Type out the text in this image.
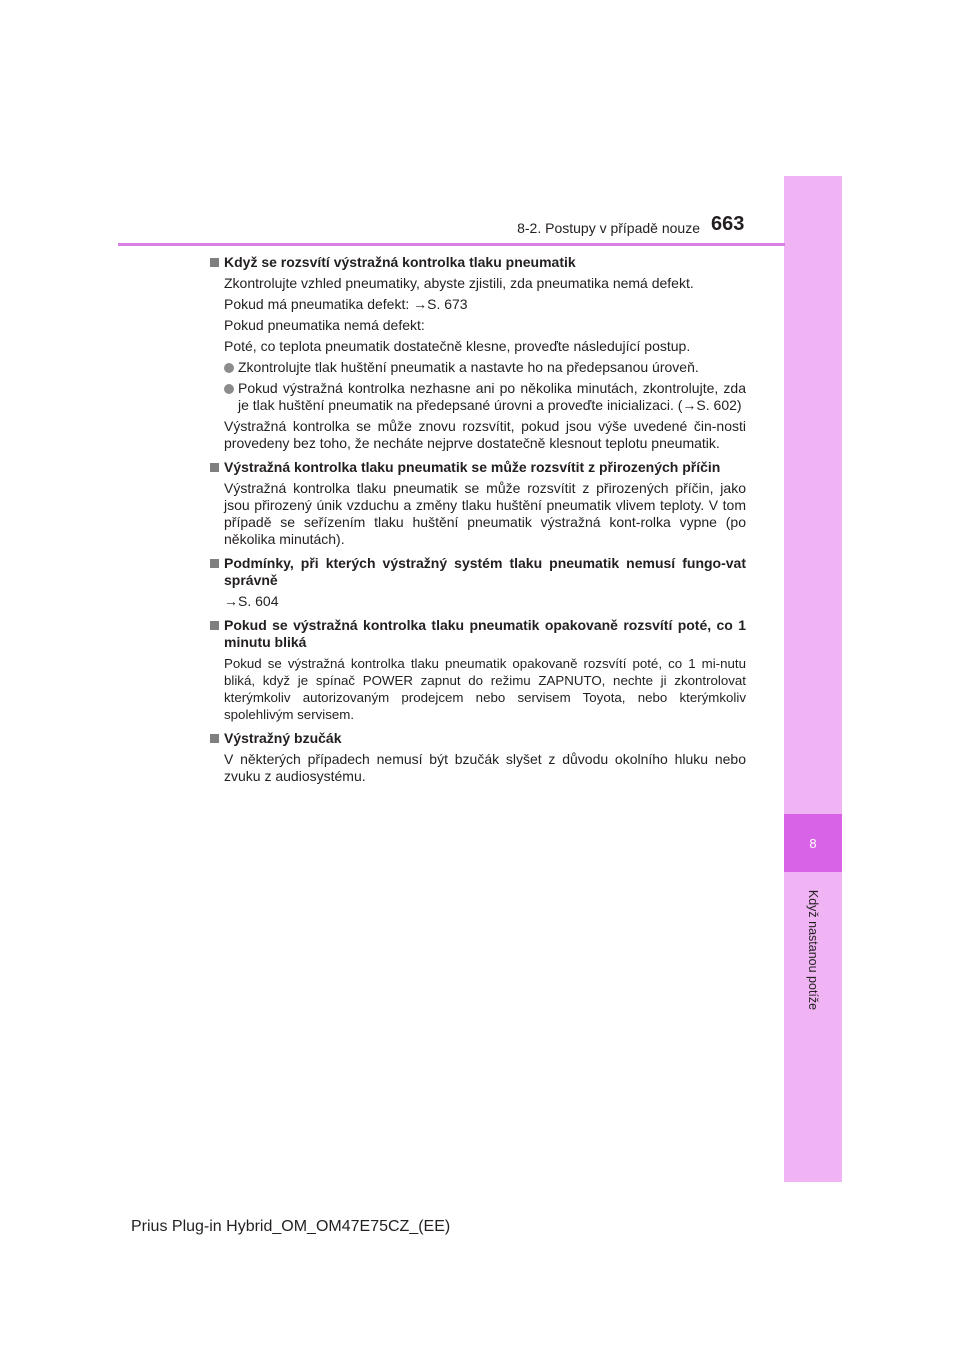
8
Když nastanou potíže
8-2. Postupy v případě nouze 663
Když se rozsvítí výstražná kontrolka tlaku pneumatik
Zkontrolujte vzhled pneumatiky, abyste zjistili, zda pneumatika nemá defekt.
Pokud má pneumatika defekt: →S. 673
Pokud pneumatika nemá defekt:
Poté, co teplota pneumatik dostatečně klesne, proveďte následující postup.
Zkontrolujte tlak huštění pneumatik a nastavte ho na předepsanou úroveň.
Pokud výstražná kontrolka nezhasne ani po několika minutách, zkontrolujte, zda je tlak huštění pneumatik na předepsané úrovni a proveďte inicializaci. (→S. 602)
Výstražná kontrolka se může znovu rozsvítit, pokud jsou výše uvedené čin-nosti provedeny bez toho, že necháte nejprve dostatečně klesnout teplotu pneumatik.
Výstražná kontrolka tlaku pneumatik se může rozsvítit z přirozených příčin
Výstražná kontrolka tlaku pneumatik se může rozsvítit z přirozených příčin, jako jsou přirozený únik vzduchu a změny tlaku huštění pneumatik vlivem teploty. V tom případě se seřízením tlaku huštění pneumatik výstražná kont-rolka vypne (po několika minutách).
Podmínky, při kterých výstražný systém tlaku pneumatik nemusí fungo-vat správně
→S. 604
Pokud se výstražná kontrolka tlaku pneumatik opakovaně rozsvítí poté, co 1 minutu bliká
Pokud se výstražná kontrolka tlaku pneumatik opakovaně rozsvítí poté, co 1 mi-nutu bliká, když je spínač POWER zapnut do režimu ZAPNUTO, nechte ji zkontrolovat kterýmkoliv autorizovaným prodejcem nebo servisem Toyota, nebo kterýmkoliv spolehlivým servisem.
Výstražný bzučák
V některých případech nemusí být bzučák slyšet z důvodu okolního hluku nebo zvuku z audiosystému.
Prius Plug-in Hybrid_OM_OM47E75CZ_(EE)
